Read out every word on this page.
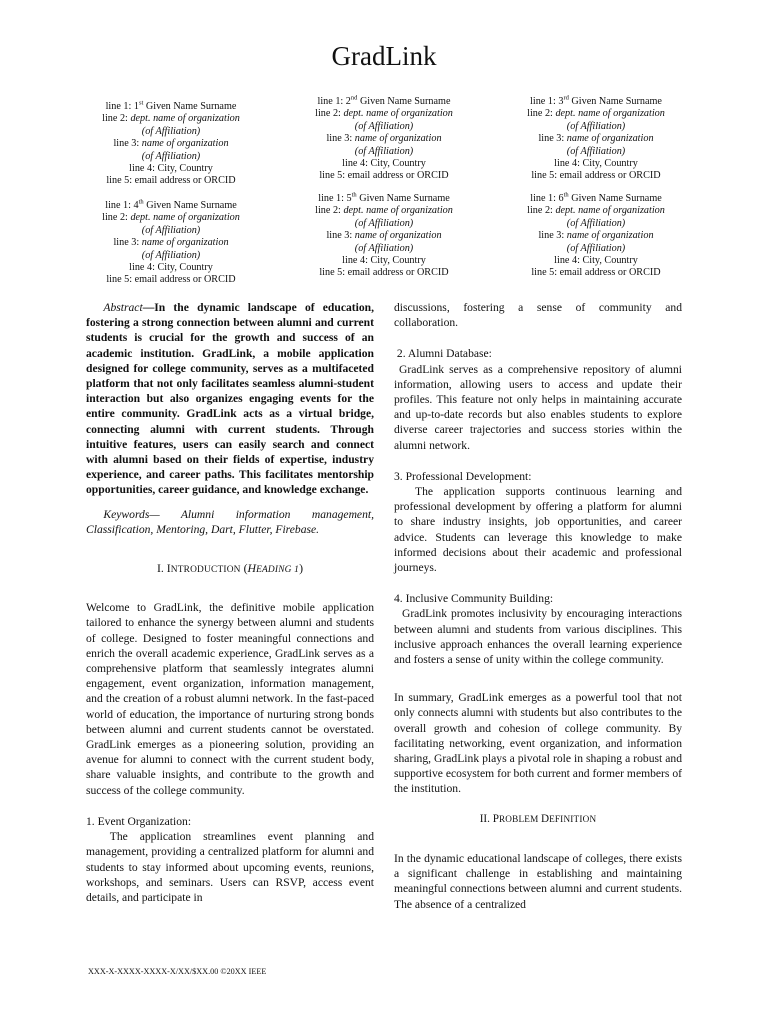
GradLink
line 1: 1st Given Name Surname
line 2: dept. name of organization
(of Affiliation)
line 3: name of organization
(of Affiliation)
line 4: City, Country
line 5: email address or ORCID
line 1: 2nd Given Name Surname
line 2: dept. name of organization
(of Affiliation)
line 3: name of organization
(of Affiliation)
line 4: City, Country
line 5: email address or ORCID
line 1: 3rd Given Name Surname
line 2: dept. name of organization
(of Affiliation)
line 3: name of organization
(of Affiliation)
line 4: City, Country
line 5: email address or ORCID
line 1: 4th Given Name Surname
line 2: dept. name of organization
(of Affiliation)
line 3: name of organization
(of Affiliation)
line 4: City, Country
line 5: email address or ORCID
line 1: 5th Given Name Surname
line 2: dept. name of organization
(of Affiliation)
line 3: name of organization
(of Affiliation)
line 4: City, Country
line 5: email address or ORCID
line 1: 6th Given Name Surname
line 2: dept. name of organization
(of Affiliation)
line 3: name of organization
(of Affiliation)
line 4: City, Country
line 5: email address or ORCID

  Abstract—In the dynamic landscape of education, fostering a strong connection between alumni and current students is crucial for the growth and success of an academic institution. GradLink, a mobile application designed for college community, serves as a multifaceted platform that not only facilitates seamless alumni-student interaction but also organizes engaging events for the entire community. GradLink acts as a virtual bridge, connecting alumni with current students. Through intuitive features, users can easily search and connect with alumni based on their fields of expertise, industry experience, and career paths. This facilitates mentorship opportunities, career guidance, and knowledge exchange.

  Keywords— Alumni information management, Classification, Mentoring, Dart, Flutter, Firebase.

I. INTRODUCTION (HEADING 1)

Welcome to GradLink, the definitive mobile application tailored to enhance the synergy between alumni and students of college. Designed to foster meaningful connections and enrich the overall academic experience, GradLink serves as a comprehensive platform that seamlessly integrates alumni engagement, event organization, information management, and the creation of a robust alumni network. In the fast-paced world of education, the importance of nurturing strong bonds between alumni and current students cannot be overstated. GradLink emerges as a pioneering solution, providing an avenue for alumni to connect with the current student body, share valuable insights, and contribute to the growth and success of the college community.

1. Event Organization:

The application streamlines event planning and management, providing a centralized platform for alumni and students to stay informed about upcoming events, reunions, workshops, and seminars. Users can RSVP, access event details, and participate in

discussions, fostering a sense of community and collaboration.

2. Alumni Database:

GradLink serves as a comprehensive repository of alumni information, allowing users to access and update their profiles. This feature not only helps in maintaining accurate and up-to-date records but also enables students to explore diverse career trajectories and success stories within the alumni network.

3. Professional Development:

The application supports continuous learning and professional development by offering a platform for alumni to share industry insights, job opportunities, and career advice. Students can leverage this knowledge to make informed decisions about their academic and professional journeys.

4. Inclusive Community Building:

GradLink promotes inclusivity by encouraging interactions between alumni and students from various disciplines. This inclusive approach enhances the overall learning experience and fosters a sense of unity within the college community.

In summary, GradLink emerges as a powerful tool that not only connects alumni with students but also contributes to the overall growth and cohesion of college community. By facilitating networking, event organization, and information sharing, GradLink plays a pivotal role in shaping a robust and supportive ecosystem for both current and former members of the institution.

II. PROBLEM DEFINITION

In the dynamic educational landscape of colleges, there exists a significant challenge in establishing and maintaining meaningful connections between alumni and current students. The absence of a centralized

XXX-X-XXXX-XXXX-X/XX/$XX.00 ©20XX IEEE
